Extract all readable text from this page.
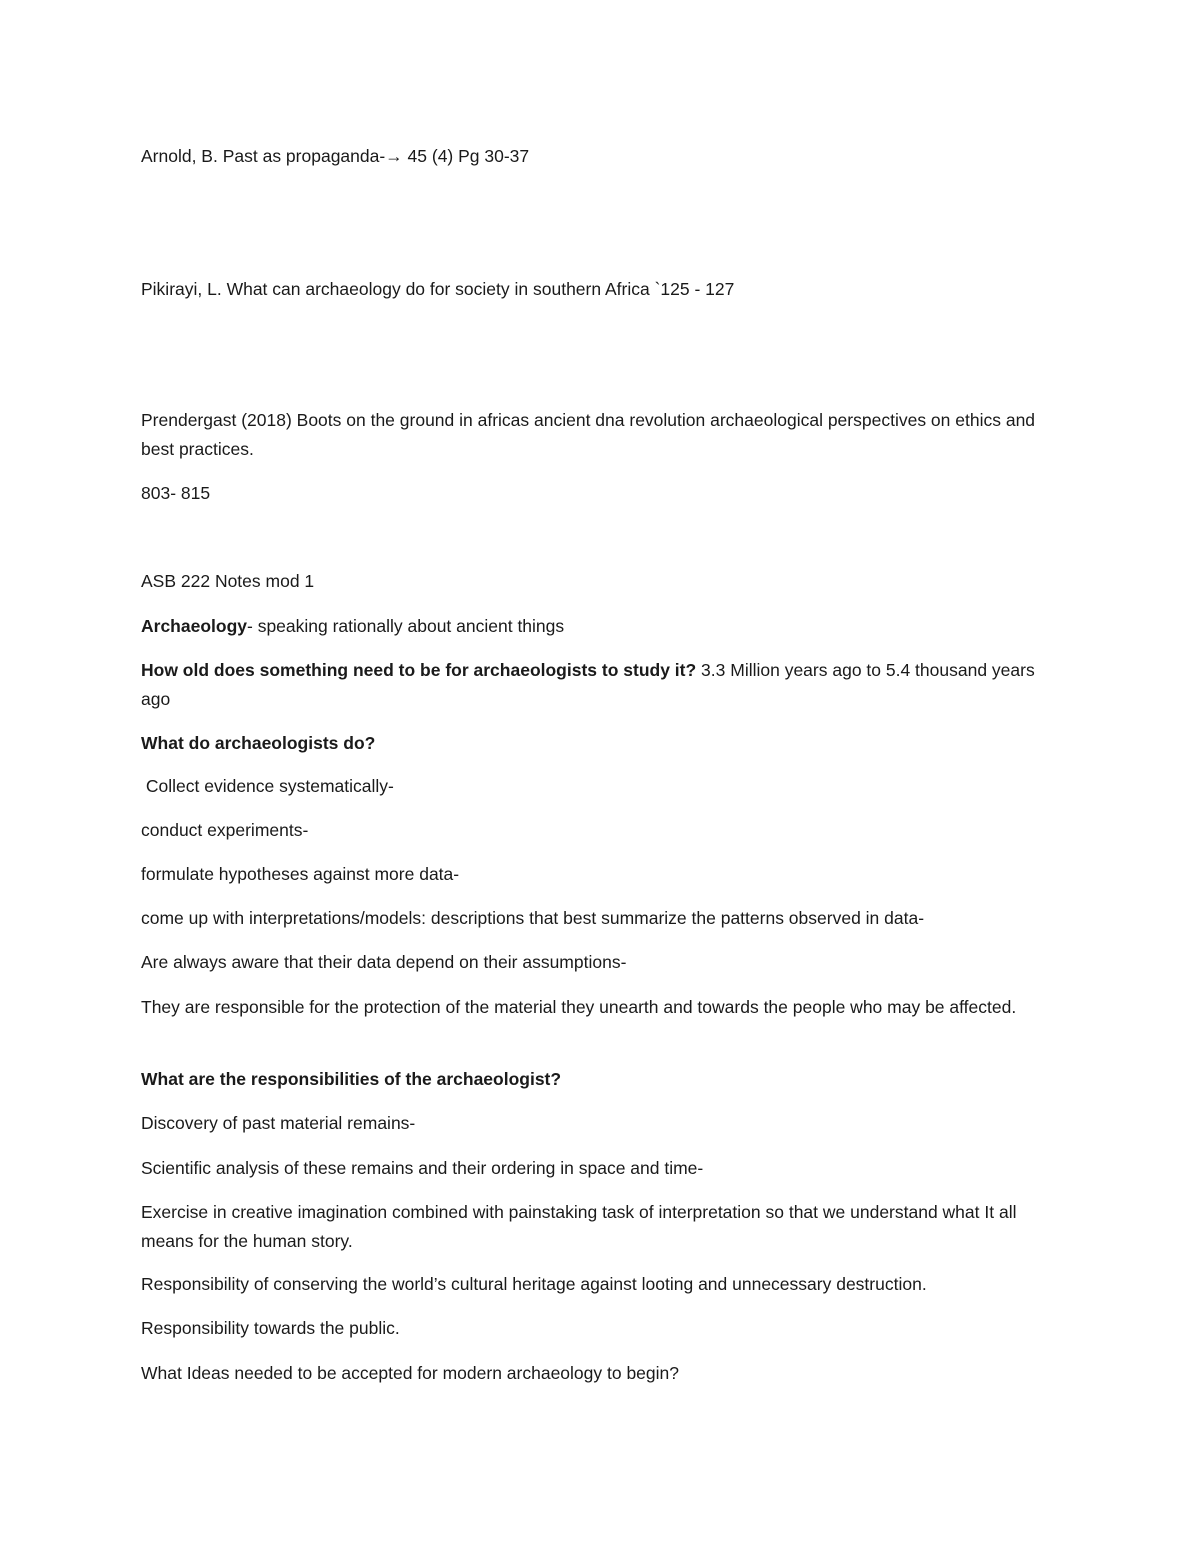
Arnold, B. Past as propaganda-→ 45 (4) Pg 30-37
Pikirayi, L. What can archaeology do for society in southern Africa `125 - 127
Prendergast (2018) Boots on the ground in africas ancient dna revolution archaeological perspectives on ethics and best practices.
803- 815
ASB 222 Notes mod 1
Archaeology- speaking rationally about ancient things
How old does something need to be for archaeologists to study it? 3.3 Million years ago to 5.4 thousand years ago
What do archaeologists do?
Collect evidence systematically-
conduct experiments-
formulate hypotheses against more data-
come up with interpretations/models: descriptions that best summarize the patterns observed in data-
Are always aware that their data depend on their assumptions-
They are responsible for the protection of the material they unearth and towards the people who may be affected.
What are the responsibilities of the archaeologist?
Discovery of past material remains-
Scientific analysis of these remains and their ordering in space and time-
Exercise in creative imagination combined with painstaking task of interpretation so that we understand what It all means for the human story.
Responsibility of conserving the world’s cultural heritage against looting and unnecessary destruction.
Responsibility towards the public.
What Ideas needed to be accepted for modern archaeology to begin?
